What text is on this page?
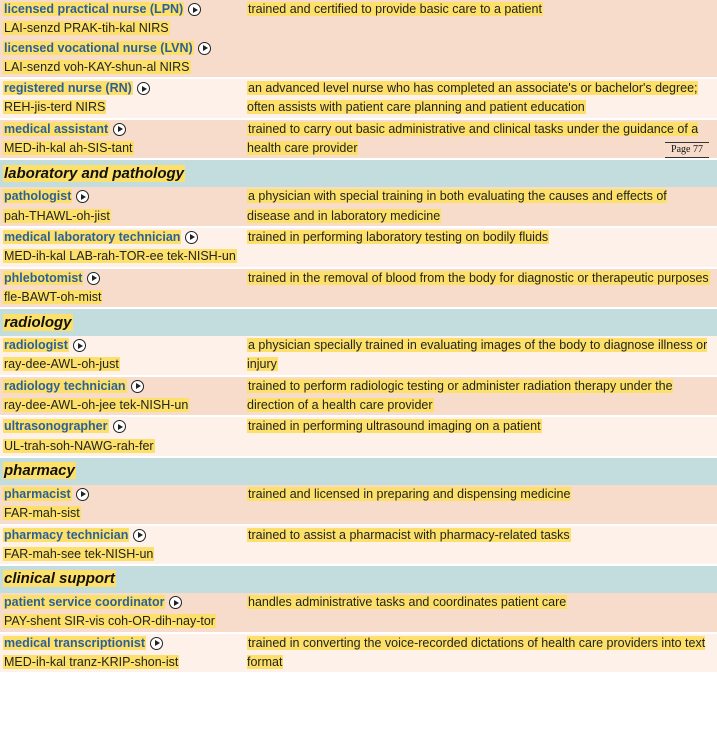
licensed practical nurse (LPN)
LAI-senzd PRAK-tih-kal NIRS
licensed vocational nurse (LVN)
LAI-senzd voh-KAY-shun-al NIRS	trained and certified to provide basic care to a patient

registered nurse (RN)
REH-jis-terd NIRS	an advanced level nurse who has completed an associate's or bachelor's degree; often assists with patient care planning and patient education

medical assistant
MED-ih-kal ah-SIS-tant	trained to carry out basic administrative and clinical tasks under the guidance of a health care provider Page 77

laboratory and pathology	

pathologist
pah-THAWL-oh-jist	a physician with special training in both evaluating the causes and effects of disease and in laboratory medicine

medical laboratory technician
MED-ih-kal LAB-rah-TOR-ee tek-NISH-un	trained in performing laboratory testing on bodily fluids

phlebotomist
fle-BAWT-oh-mist	trained in the removal of blood from the body for diagnostic or therapeutic purposes
radiology	

radiologist
ray-dee-AWL-oh-just	a physician specially trained in evaluating images of the body to diagnose illness or injury

radiology technician
ray-dee-AWL-oh-jee tek-NISH-un	trained to perform radiologic testing or administer radiation therapy under the direction of a health care provider

ultrasonographer
UL-trah-soh-NAWG-rah-fer	trained in performing ultrasound imaging on a patient
pharmacy	

pharmacist
FAR-mah-sist	trained and licensed in preparing and dispensing medicine

pharmacy technician
FAR-mah-see tek-NISH-un	trained to assist a pharmacist with pharmacy-related tasks
clinical support	

patient service coordinator
PAY-shent SIR-vis coh-OR-dih-nay-tor	handles administrative tasks and coordinates patient care

medical transcriptionist
MED-ih-kal tranz-KRIP-shon-ist	trained in converting the voice-recorded dictations of health care providers into text format
